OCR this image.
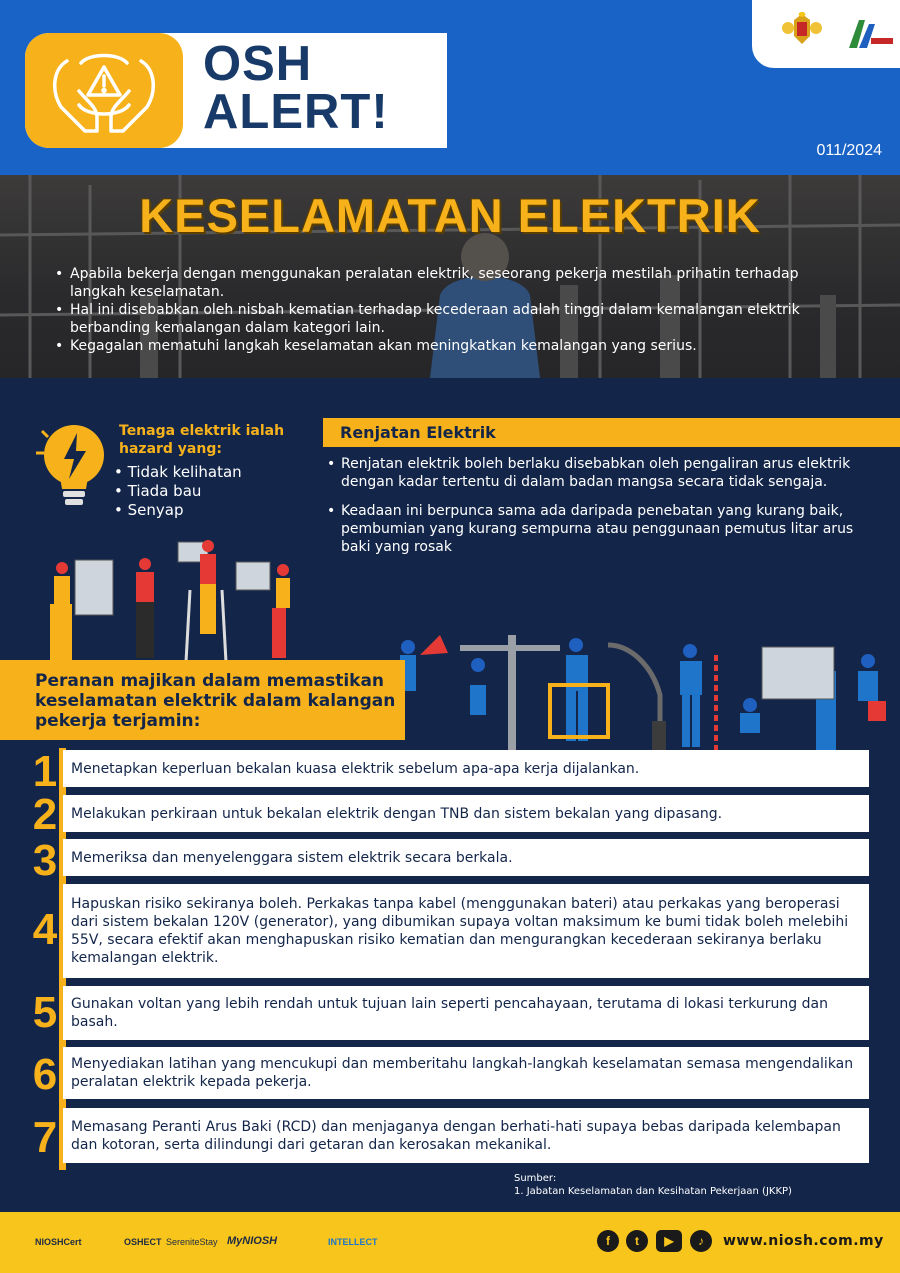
OSH
ALERT!
011/2024
KESELAMATAN ELEKTRIK
• Apabila bekerja dengan menggunakan peralatan elektrik, seseorang pekerja mestilah prihatin terhadap langkah keselamatan.
• Hal ini disebabkan oleh nisbah kematian terhadap kecederaan adalah tinggi dalam kemalangan elektrik berbanding kemalangan dalam kategori lain.
• Kegagalan mematuhi langkah keselamatan akan meningkatkan kemalangan yang serius.
Tenaga elektrik ialah hazard yang:
• Tidak kelihatan
• Tiada bau
• Senyap
Renjatan Elektrik
• Renjatan elektrik boleh berlaku disebabkan oleh pengaliran arus elektrik dengan kadar tertentu di dalam badan mangsa secara tidak sengaja.
• Keadaan ini berpunca sama ada daripada penebatan yang kurang baik, pembumian yang kurang sempurna atau penggunaan pemutus litar arus baki yang rosak
Peranan majikan dalam memastikan keselamatan elektrik dalam kalangan pekerja terjamin:
1 Menetapkan keperluan bekalan kuasa elektrik sebelum apa-apa kerja dijalankan.
2 Melakukan perkiraan untuk bekalan elektrik dengan TNB dan sistem bekalan yang dipasang.
3 Memeriksa dan menyelenggara sistem elektrik secara berkala.
4
Hapuskan risiko sekiranya boleh. Perkakas tanpa kabel (menggunakan bateri) atau perkakas yang beroperasi dari sistem bekalan 120V (generator), yang dibumikan supaya voltan maksimum ke bumi tidak boleh melebihi 55V, secara efektif akan menghapuskan risiko kematian dan mengurangkan kecederaan sekiranya berlaku kemalangan elektrik.
5 Gunakan voltan yang lebih rendah untuk tujuan lain seperti pencahayaan, terutama di lokasi terkurung dan basah.
6 Menyediakan latihan yang mencukupi dan memberitahu langkah-langkah keselamatan semasa mengendalikan peralatan elektrik kepada pekerja.
7 Memasang Peranti Arus Baki (RCD) dan menjaganya dengan berhati-hati supaya bebas daripada kelembapan dan kotoran, serta dilindungi dari getaran dan kerosakan mekanikal.
Sumber:
1. Jabatan Keselamatan dan Kesihatan Pekerjaan (JKKP)
NIOSHCert	OSHECT SereniteStay MyNIOSH	INTELLECT	f	t	▶	♪	www.niosh.com.my
